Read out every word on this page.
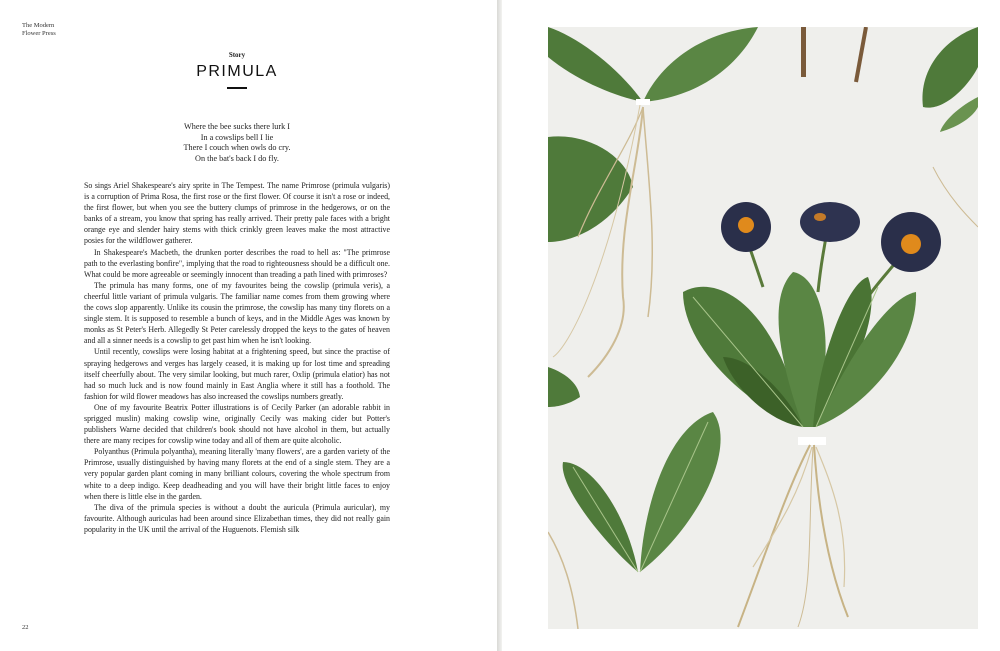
The Modern
Flower Press
Story
PRIMULA
Where the bee sucks there lurk I
In a cowslips bell I lie
There I couch when owls do cry.
On the bat's back I do fly.

So sings Ariel Shakespeare's airy sprite in The Tempest. The name Primrose (primula vulgaris) is a corruption of Prima Rosa, the first rose or the first flower. Of course it isn't a rose or indeed, the first flower, but when you see the buttery clumps of primrose in the hedgerows, or on the banks of a stream, you know that spring has really arrived. Their pretty pale faces with a bright orange eye and slender hairy stems with thick crinkly green leaves make the most attractive posies for the wildflower gatherer.

In Shakespeare's Macbeth, the drunken porter describes the road to hell as: "The primrose path to the everlasting bonfire", implying that the road to righteousness should be a difficult one. What could be more agreeable or seemingly innocent than treading a path lined with primroses?

The primula has many forms, one of my favourites being the cowslip (primula veris), a cheerful little variant of primula vulgaris. The familiar name comes from them growing where the cows slop apparently. Unlike its cousin the primrose, the cowslip has many tiny florets on a single stem. It is supposed to resemble a bunch of keys, and in the Middle Ages was known by monks as St Peter's Herb. Allegedly St Peter carelessly dropped the keys to the gates of heaven and all a sinner needs is a cowslip to get past him when he isn't looking.

Until recently, cowslips were losing habitat at a frightening speed, but since the practise of spraying hedgerows and verges has largely ceased, it is making up for lost time and spreading itself cheerfully about. The very similar looking, but much rarer, Oxlip (primula elatior) has not had so much luck and is now found mainly in East Anglia where it still has a foothold. The fashion for wild flower meadows has also increased the cowslips numbers greatly.

One of my favourite Beatrix Potter illustrations is of Cecily Parker (an adorable rabbit in sprigged muslin) making cowslip wine, originally Cecily was making cider but Potter's publishers Warne decided that children's book should not have alcohol in them, but actually there are many recipes for cowslip wine today and all of them are quite alcoholic.

Polyanthus (Primula polyantha), meaning literally 'many flowers', are a garden variety of the Primrose, usually distinguished by having many florets at the end of a single stem. They are a very popular garden plant coming in many brilliant colours, covering the whole spectrum from white to a deep indigo. Keep deadheading and you will have their bright little faces to enjoy when there is little else in the garden.

The diva of the primula species is without a doubt the auricula (Primula auricular), my favourite. Although auriculas had been around since Elizabethan times, they did not really gain popularity in the UK until the arrival of the Huguenots. Flemish silk

22
